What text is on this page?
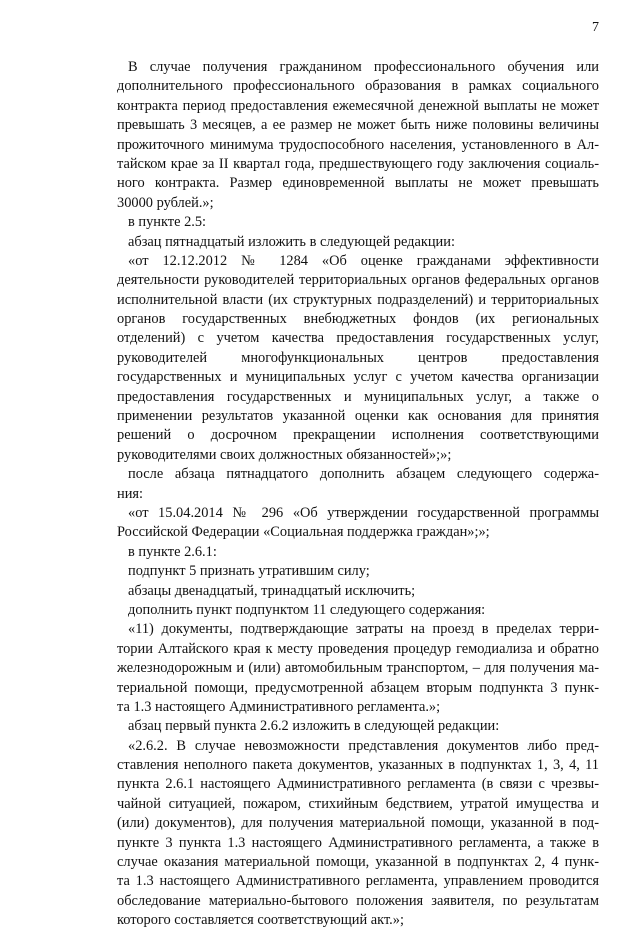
7
В случае получения гражданином профессионального обучения или
дополнительного профессионального образования в рамках социального
контракта период предоставления ежемесячной денежной выплаты не может
превышать 3 месяцев, а ее размер не может быть ниже половины величины
прожиточного минимума трудоспособного населения, установленного в Ал-
тайском крае за II квартал года, предшествующего году заключения социаль-
ного контракта. Размер единовременной выплаты не может превышать
30000 рублей.»;
в пункте 2.5:
абзац пятнадцатый изложить в следующей редакции:
«от 12.12.2012 № 1284 «Об оценке гражданами эффективности
деятельности руководителей территориальных органов федеральных органов
исполнительной власти (их структурных подразделений) и территориальных
органов государственных внебюджетных фондов (их региональных
отделений) с учетом качества предоставления государственных услуг,
руководителей многофункциональных центров предоставления
государственных и муниципальных услуг с учетом качества организации
предоставления государственных и муниципальных услуг, а также о
применении результатов указанной оценки как основания для принятия
решений о досрочном прекращении исполнения соответствующими
руководителями своих должностных обязанностей»;»;
после абзаца пятнадцатого дополнить абзацем следующего содержа-
ния:
«от 15.04.2014 № 296 «Об утверждении государственной программы
Российской Федерации «Социальная поддержка граждан»;»;
в пункте 2.6.1:
подпункт 5 признать утратившим силу;
абзацы двенадцатый, тринадцатый исключить;
дополнить пункт подпунктом 11 следующего содержания:
«11) документы, подтверждающие затраты на проезд в пределах терри-
тории Алтайского края к месту проведения процедур гемодиализа и обратно
железнодорожным и (или) автомобильным транспортом, – для получения ма-
териальной помощи, предусмотренной абзацем вторым подпункта 3 пунк-
та 1.3 настоящего Административного регламента.»;
абзац первый пункта 2.6.2 изложить в следующей редакции:
«2.6.2. В случае невозможности представления документов либо пред-
ставления неполного пакета документов, указанных в подпунктах 1, 3, 4, 11
пункта 2.6.1 настоящего Административного регламента (в связи с чрезвы-
чайной ситуацией, пожаром, стихийным бедствием, утратой имущества и
(или) документов), для получения материальной помощи, указанной в под-
пункте 3 пункта 1.3 настоящего Административного регламента, а также в
случае оказания материальной помощи, указанной в подпунктах 2, 4 пунк-
та 1.3 настоящего Административного регламента, управлением проводится
обследование материально-бытового положения заявителя, по результатам
которого составляется соответствующий акт.»;
